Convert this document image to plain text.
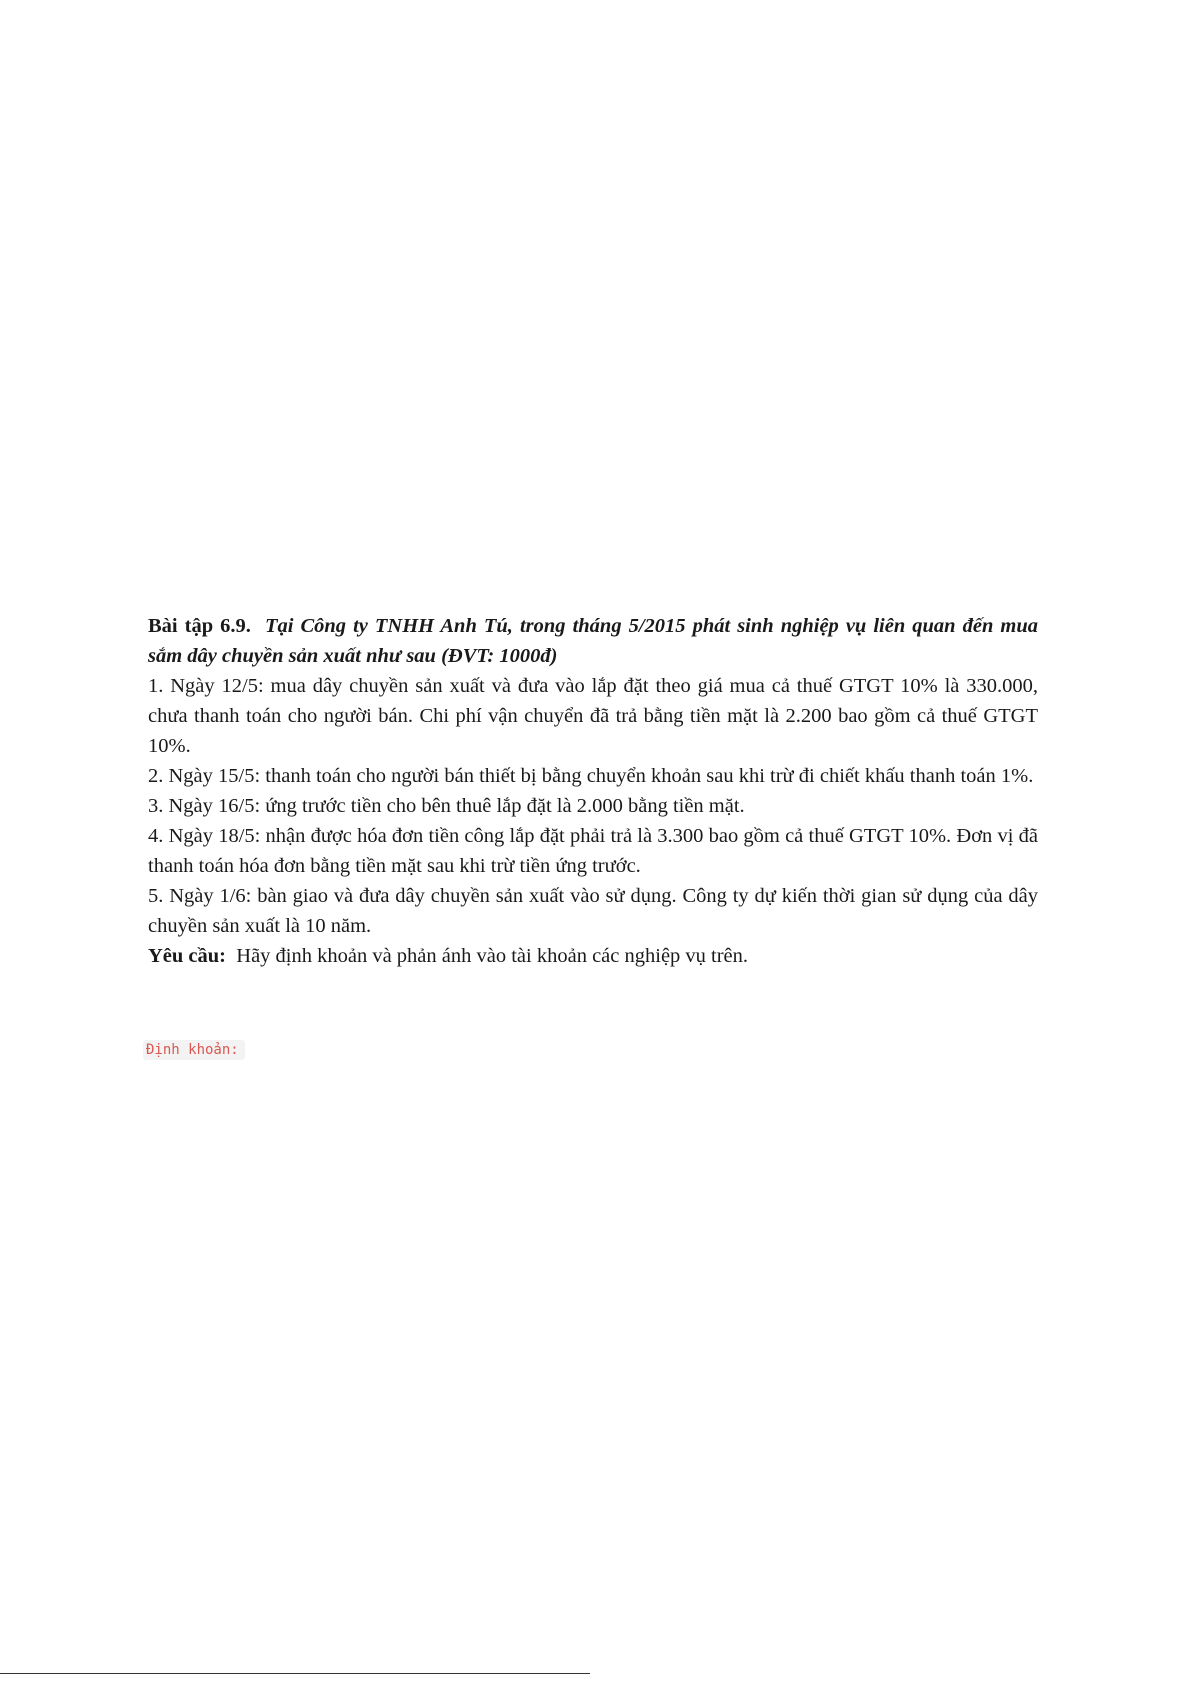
Bài tập 6.9. Tại Công ty TNHH Anh Tú, trong tháng 5/2015 phát sinh nghiệp vụ liên quan đến mua sắm dây chuyền sản xuất như sau (ĐVT: 1000đ)

1. Ngày 12/5: mua dây chuyền sản xuất và đưa vào lắp đặt theo giá mua cả thuế GTGT 10% là 330.000, chưa thanh toán cho người bán. Chi phí vận chuyển đã trả bằng tiền mặt là 2.200 bao gồm cả thuế GTGT 10%.

2. Ngày 15/5: thanh toán cho người bán thiết bị bằng chuyển khoản sau khi trừ đi chiết khấu thanh toán 1%.

3. Ngày 16/5: ứng trước tiền cho bên thuê lắp đặt là 2.000 bằng tiền mặt.

4. Ngày 18/5: nhận được hóa đơn tiền công lắp đặt phải trả là 3.300 bao gồm cả thuế GTGT 10%. Đơn vị đã thanh toán hóa đơn bằng tiền mặt sau khi trừ tiền ứng trước.

5. Ngày 1/6: bàn giao và đưa dây chuyền sản xuất vào sử dụng. Công ty dự kiến thời gian sử dụng của dây chuyền sản xuất là 10 năm.

Yêu cầu: Hãy định khoản và phản ánh vào tài khoản các nghiệp vụ trên.

Định khoản:
